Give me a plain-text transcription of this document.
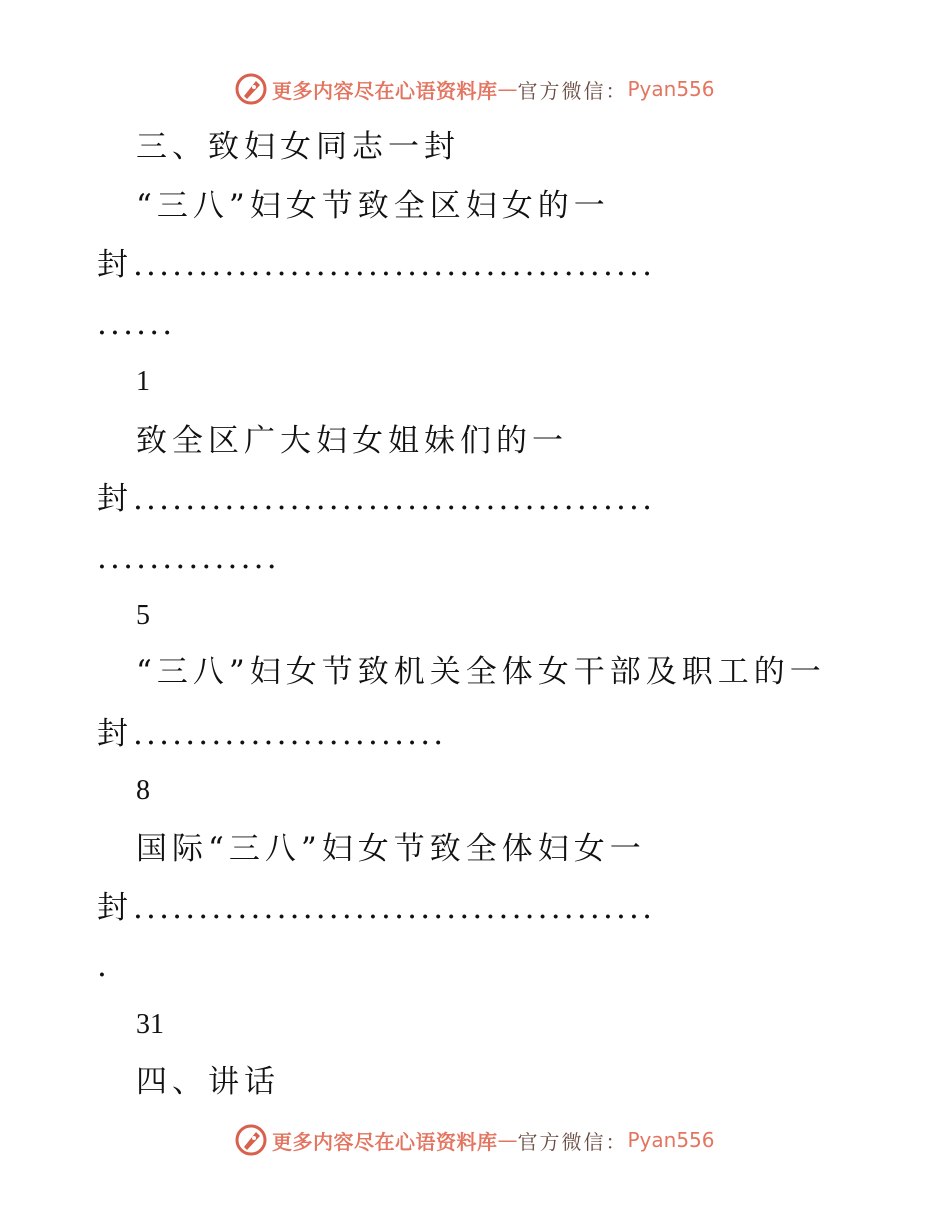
更多内容尽在心语资料库 — 官方微信： Pyan556
三、致妇女同志一封
“三八”妇女节致全区妇女的一
封........................................
......
1
致全区广大妇女姐妹们的一
封........................................
..............
5
“三八”妇女节致机关全体女干部及职工的一
封........................
8
国际“三八”妇女节致全体妇女一
封........................................
.
31
四、讲话
更多内容尽在心语资料库 — 官方微信： Pyan556
